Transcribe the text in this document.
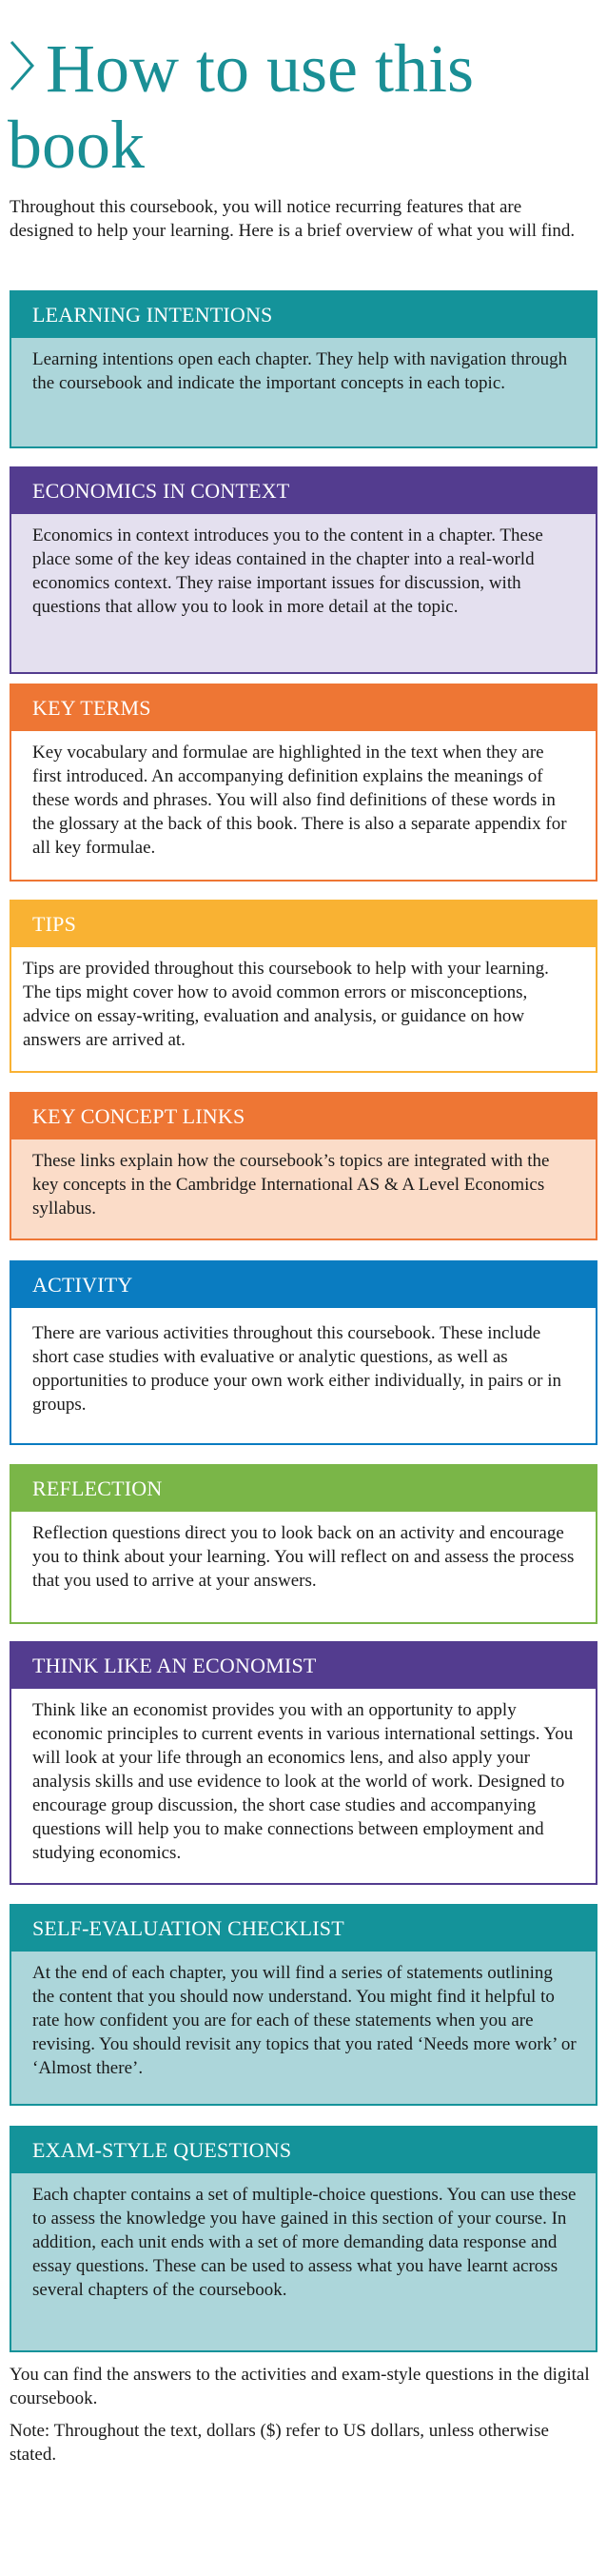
How to use this book

Throughout this coursebook, you will notice recurring features that are designed to help your learning. Here is a brief overview of what you will find.

LEARNING INTENTIONS
Learning intentions open each chapter. They help with navigation through the coursebook and indicate the important concepts in each topic.
ECONOMICS IN CONTEXT
Economics in context introduces you to the content in a chapter. These place some of the key ideas contained in the chapter into a real-world economics context. They raise important issues for discussion, with questions that allow you to look in more detail at the topic.
KEY TERMS
Key vocabulary and formulae are highlighted in the text when they are first introduced. An accompanying definition explains the meanings of these words and phrases. You will also find definitions of these words in the glossary at the back of this book. There is also a separate appendix for all key formulae.
TIPS
Tips are provided throughout this coursebook to help with your learning. The tips might cover how to avoid common errors or misconceptions, advice on essay-writing, evaluation and analysis, or guidance on how answers are arrived at.
KEY CONCEPT LINKS
These links explain how the coursebook’s topics are integrated with the key concepts in the Cambridge International AS & A Level Economics syllabus.
ACTIVITY
There are various activities throughout this coursebook. These include short case studies with evaluative or analytic questions, as well as opportunities to produce your own work either individually, in pairs or in groups.
REFLECTION
Reflection questions direct you to look back on an activity and encourage you to think about your learning. You will reflect on and assess the process that you used to arrive at your answers.
THINK LIKE AN ECONOMIST
Think like an economist provides you with an opportunity to apply economic principles to current events in various international settings. You will look at your life through an economics lens, and also apply your analysis skills and use evidence to look at the world of work. Designed to encourage group discussion, the short case studies and accompanying questions will help you to make connections between employment and studying economics.
SELF-EVALUATION CHECKLIST
At the end of each chapter, you will find a series of statements outlining the content that you should now understand. You might find it helpful to rate how confident you are for each of these statements when you are revising. You should revisit any topics that you rated ‘Needs more work’ or ‘Almost there’.
EXAM-STYLE QUESTIONS
Each chapter contains a set of multiple-choice questions. You can use these to assess the knowledge you have gained in this section of your course. In addition, each unit ends with a set of more demanding data response and essay questions. These can be used to assess what you have learnt across several chapters of the coursebook.

You can find the answers to the activities and exam-style questions in the digital coursebook.

Note: Throughout the text, dollars ($) refer to US dollars, unless otherwise stated.
